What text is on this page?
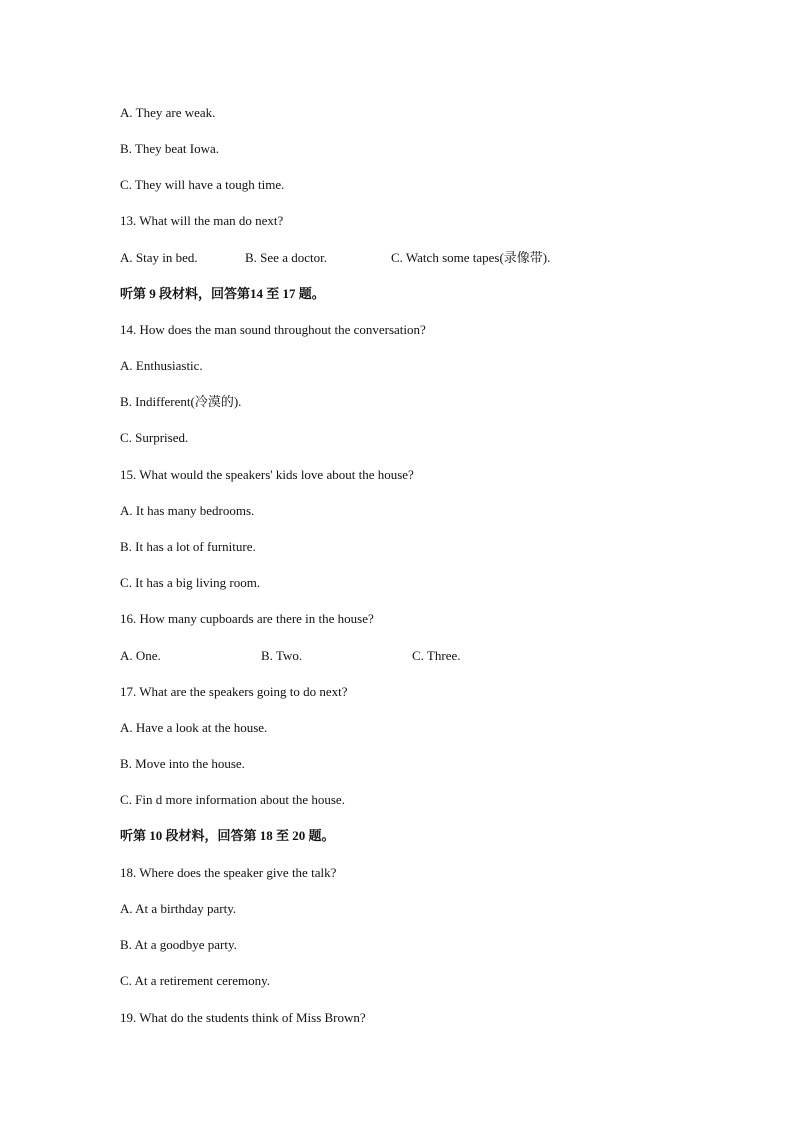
A. They are weak.
B. They beat Iowa.
C. They will have a tough time.
13. What will the man do next?
A. Stay in bed.	B. See a doctor.	C. Watch some tapes(录像带).
听第 9 段材料，回答第14 至 17 题。
14. How does the man sound throughout the conversation?
A. Enthusiastic.
B. Indifferent(冷漠的).
C. Surprised.
15. What would the speakers' kids love about the house?
A. It has many bedrooms.
B. It has a lot of furniture.
C. It has a big living room.
16. How many cupboards are there in the house?
A. One.	B. Two.	C. Three.
17. What are the speakers going to do next?
A. Have a look at the house.
B. Move into the house.
C. Fin d more information about the house.
听第 10 段材料，回答第 18 至 20 题。
18. Where does the speaker give the talk?
A. At a birthday party.
B. At a goodbye party.
C. At a retirement ceremony.
19. What do the students think of Miss Brown?
